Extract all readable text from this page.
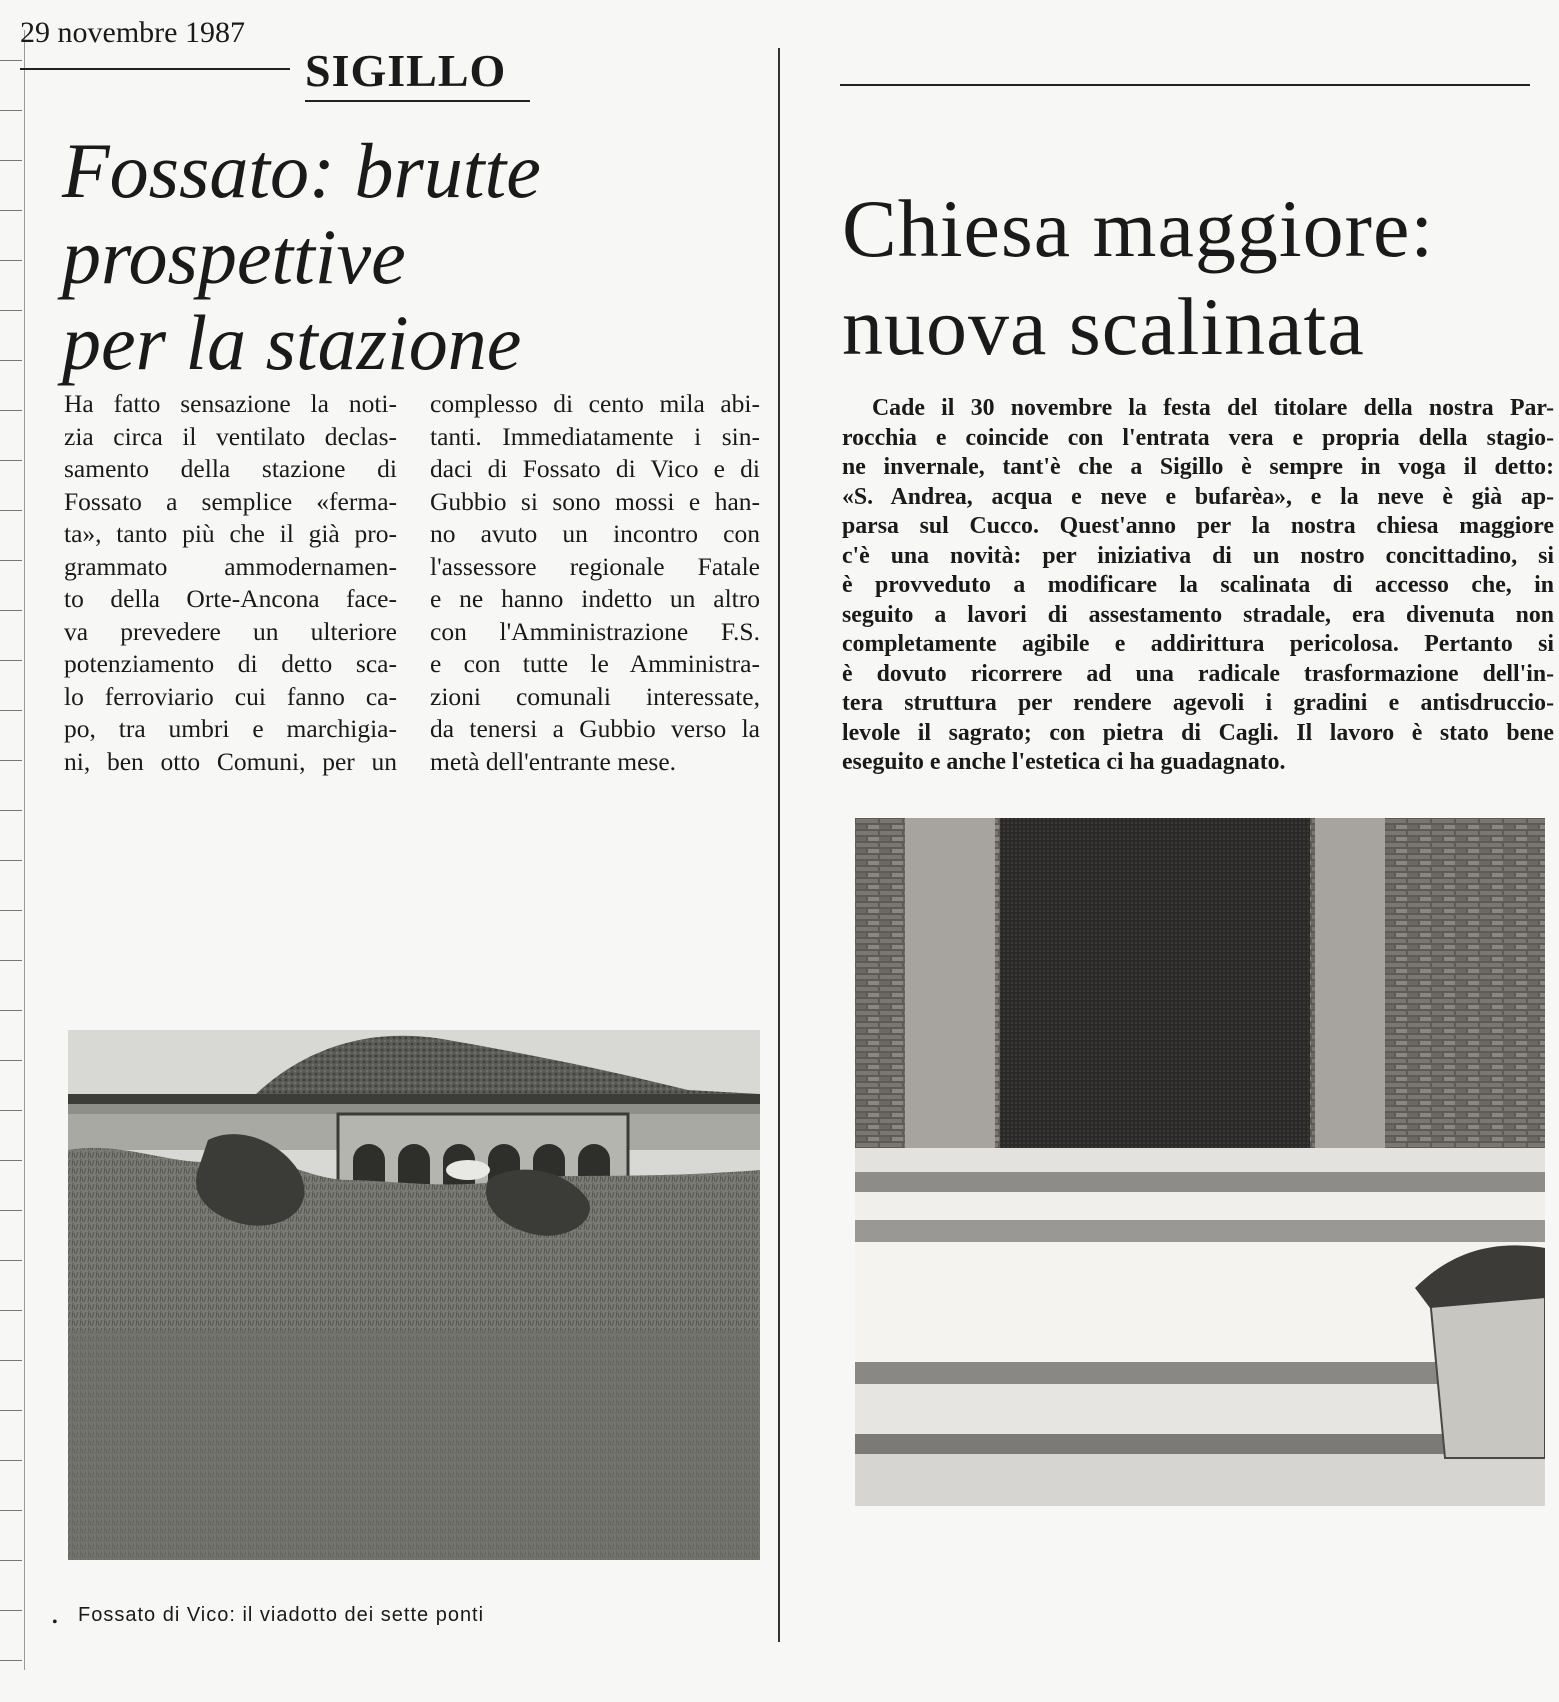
29 novembre 1987
SIGILLO
Fossato: brutte
prospettive
per la stazione
Ha fatto sensazione la noti-
zia circa il ventilato declas-
samento della stazione di
Fossato a semplice «ferma-
ta», tanto più che il già pro-
grammato ammodernamen-
to della Orte-Ancona face-
va prevedere un ulteriore
potenziamento di detto sca-
lo ferroviario cui fanno ca-
po, tra umbri e marchigia-
ni, ben otto Comuni, per un
complesso di cento mila abi-
tanti. Immediatamente i sin-
daci di Fossato di Vico e di
Gubbio si sono mossi e han-
no avuto un incontro con
l'assessore regionale Fatale
e ne hanno indetto un altro
con l'Amministrazione F.S.
e con tutte le Amministra-
zioni comunali interessate,
da tenersi a Gubbio verso la
metà dell'entrante mese.
• Fossato di Vico: il viadotto dei sette ponti
Chiesa maggiore:
nuova scalinata
Cade il 30 novembre la festa del titolare della nostra Par-
rocchia e coincide con l'entrata vera e propria della stagio-
ne invernale, tant'è che a Sigillo è sempre in voga il detto:
«S. Andrea, acqua e neve e bufarèa», e la neve è già ap-
parsa sul Cucco. Quest'anno per la nostra chiesa maggiore
c'è una novità: per iniziativa di un nostro concittadino, si
è provveduto a modificare la scalinata di accesso che, in
seguito a lavori di assestamento stradale, era divenuta non
completamente agibile e addirittura pericolosa. Pertanto si
è dovuto ricorrere ad una radicale trasformazione dell'in-
tera struttura per rendere agevoli i gradini e antisdruccio-
levole il sagrato; con pietra di Cagli. Il lavoro è stato bene
eseguito e anche l'estetica ci ha guadagnato.
